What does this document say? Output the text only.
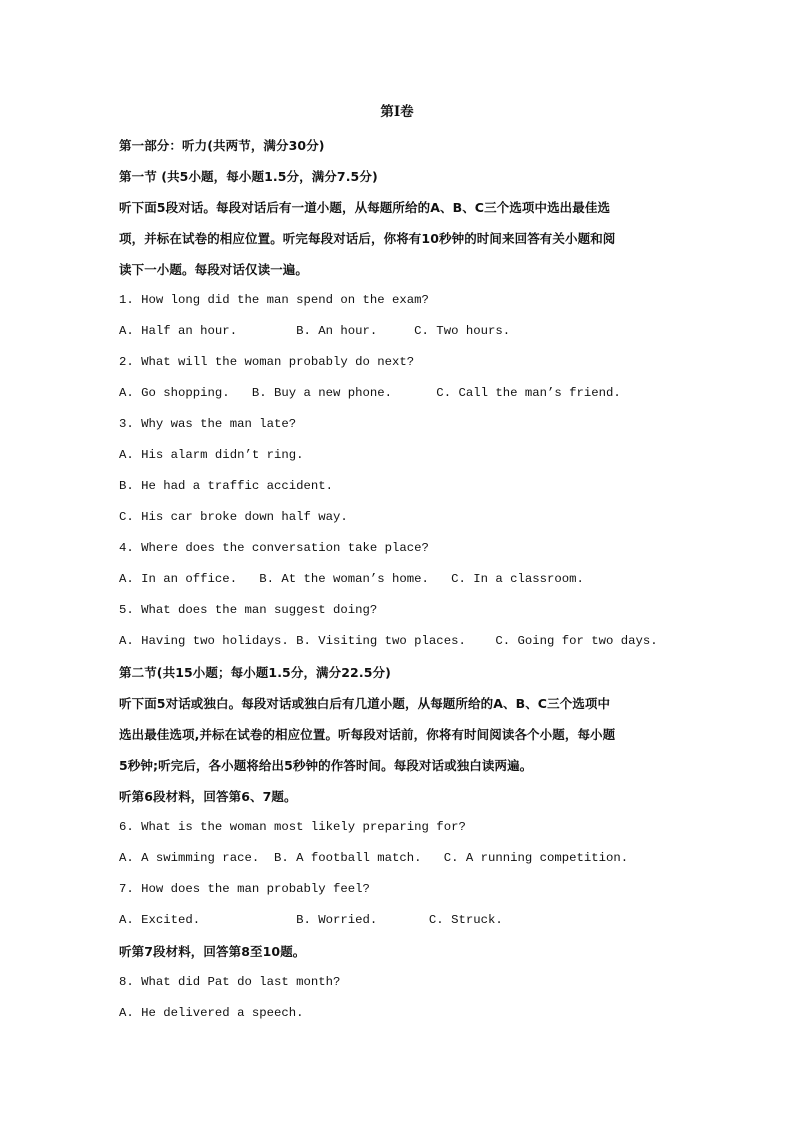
第Ⅰ卷
第一部分：听力(共两节，满分30分)
第一节 (共5小题，每小题1.5分，满分7.5分)
听下面5段对话。每段对话后有一道小题，从每题所给的A、B、C三个选项中选出最佳选
项，并标在试卷的相应位置。听完每段对话后，你将有10秒钟的时间来回答有关小题和阅
读下一小题。每段对话仅读一遍。
1. How long did the man spend on the exam?
A. Half an hour.        B. An hour.     C. Two hours.
2. What will the woman probably do next?
A. Go shopping.   B. Buy a new phone.      C. Call the man’s friend.
3. Why was the man late?
A. His alarm didn’t ring.
B. He had a traffic accident.
C. His car broke down half way.
4. Where does the conversation take place?
A. In an office.   B. At the woman’s home.   C. In a classroom.
5. What does the man suggest doing?
A. Having two holidays. B. Visiting two places.    C. Going for two days.
第二节(共15小题；每小题1.5分，满分22.5分)
听下面5对话或独白。每段对话或独白后有几道小题，从每题所给的A、B、C三个选项中
选出最佳选项,并标在试卷的相应位置。听每段对话前，你将有时间阅读各个小题，每小题
5秒钟;听完后，各小题将给出5秒钟的作答时间。每段对话或独白读两遍。
听第6段材料，回答第6、7题。
6. What is the woman most likely preparing for?
A. A swimming race.  B. A football match.   C. A running competition.
7. How does the man probably feel?
A. Excited.             B. Worried.       C. Struck.
听第7段材料，回答第8至10题。
8. What did Pat do last month?
A. He delivered a speech.
